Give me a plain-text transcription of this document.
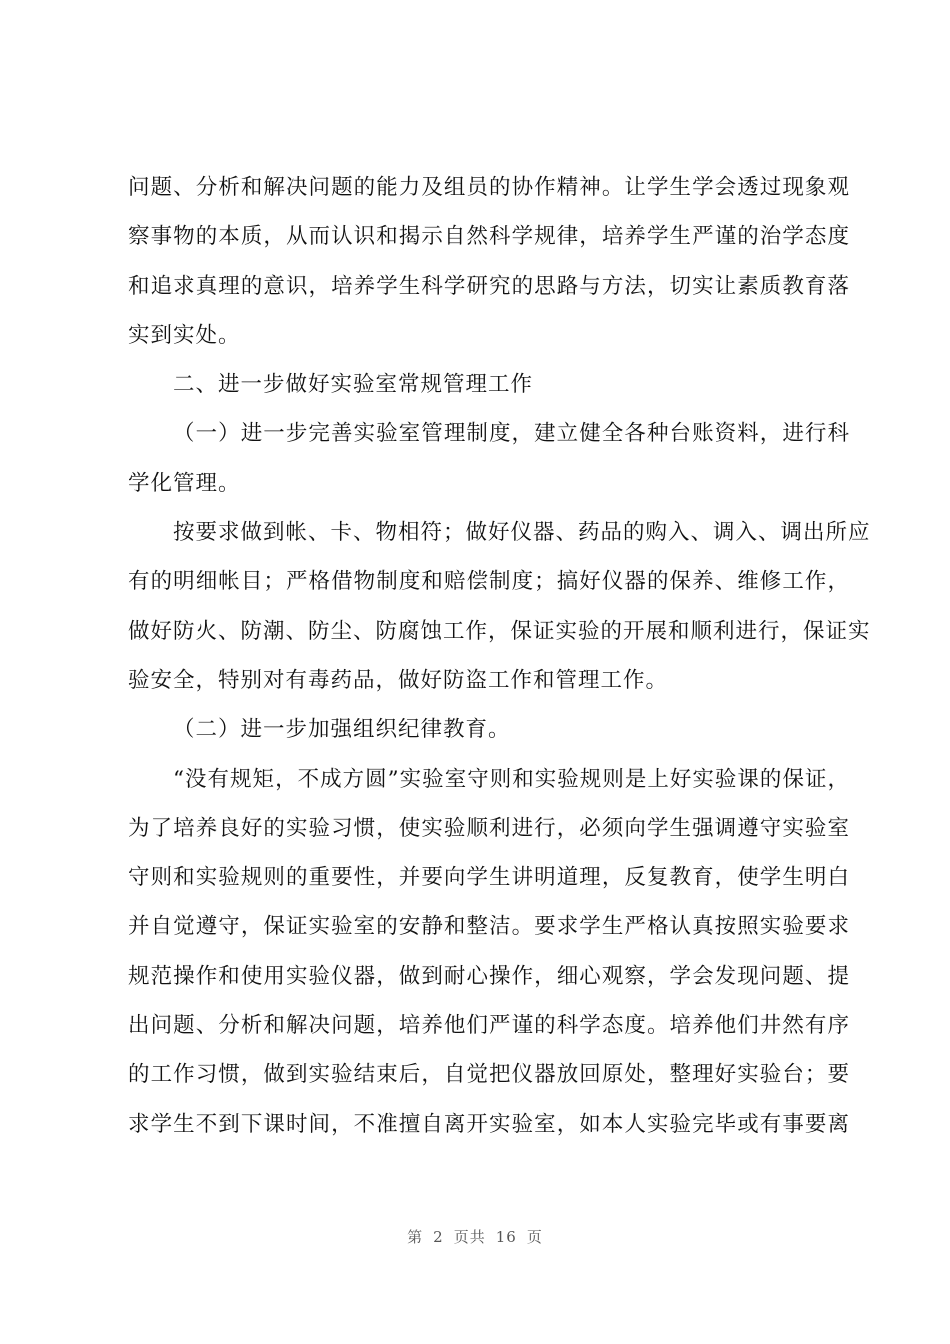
问题、分析和解决问题的能力及组员的协作精神。让学生学会透过现象观
察事物的本质，从而认识和揭示自然科学规律，培养学生严谨的治学态度
和追求真理的意识，培养学生科学研究的思路与方法，切实让素质教育落
实到实处。

二、进一步做好实验室常规管理工作

（一）进一步完善实验室管理制度，建立健全各种台账资料，进行科
学化管理。

按要求做到帐、卡、物相符；做好仪器、药品的购入、调入、调出所应
有的明细帐目；严格借物制度和赔偿制度；搞好仪器的保养、维修工作，
做好防火、防潮、防尘、防腐蚀工作，保证实验的开展和顺利进行，保证实
验安全，特别对有毒药品，做好防盗工作和管理工作。

（二）进一步加强组织纪律教育。

“没有规矩，不成方圆”实验室守则和实验规则是上好实验课的保证，
为了培养良好的实验习惯，使实验顺利进行，必须向学生强调遵守实验室
守则和实验规则的重要性，并要向学生讲明道理，反复教育，使学生明白
并自觉遵守，保证实验室的安静和整洁。要求学生严格认真按照实验要求
规范操作和使用实验仪器，做到耐心操作，细心观察，学会发现问题、提
出问题、分析和解决问题，培养他们严谨的科学态度。培养他们井然有序
的工作习惯，做到实验结束后，自觉把仪器放回原处，整理好实验台；要
求学生不到下课时间，不准擅自离开实验室，如本人实验完毕或有事要离

第 2 页共 16 页
